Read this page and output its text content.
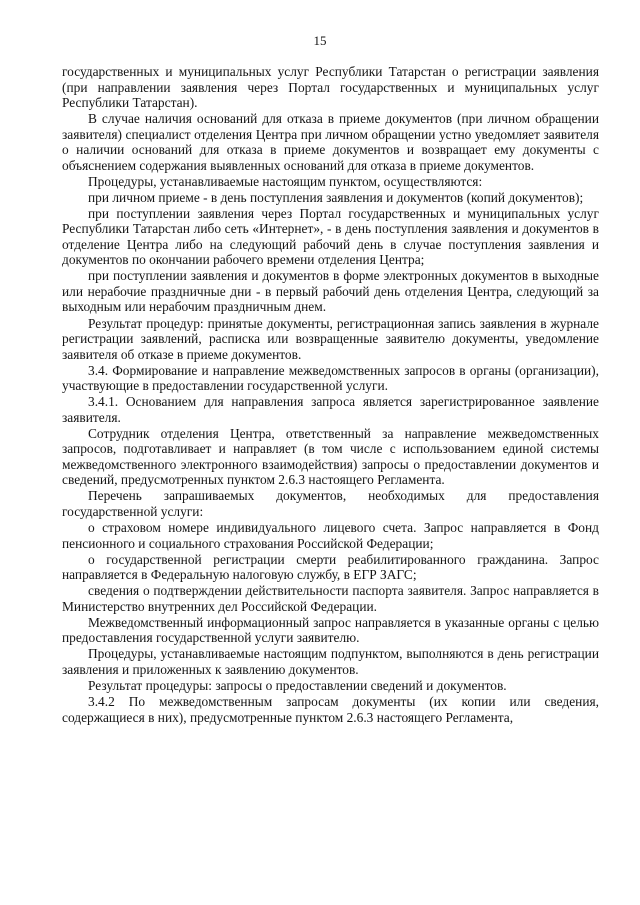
15

государственных и муниципальных услуг Республики Татарстан о регистрации заявления (при направлении заявления через Портал государственных и муниципальных услуг Республики Татарстан).

В случае наличия оснований для отказа в приеме документов (при личном обращении заявителя) специалист отделения Центра при личном обращении устно уведомляет заявителя о наличии оснований для отказа в приеме документов и возвращает ему документы с объяснением содержания выявленных оснований для отказа в приеме документов.

Процедуры, устанавливаемые настоящим пунктом, осуществляются:

при личном приеме - в день поступления заявления и документов (копий документов);

при поступлении заявления через Портал государственных и муниципальных услуг Республики Татарстан либо сеть «Интернет», - в день поступления заявления и документов в отделение Центра либо на следующий рабочий день в случае поступления заявления и документов по окончании рабочего времени отделения Центра;

при поступлении заявления и документов в форме электронных документов в выходные или нерабочие праздничные дни - в первый рабочий день отделения Центра, следующий за выходным или нерабочим праздничным днем.

Результат процедур: принятые документы, регистрационная запись заявления в журнале регистрации заявлений, расписка или возвращенные заявителю документы, уведомление заявителя об отказе в приеме документов.

3.4. Формирование и направление межведомственных запросов в органы (организации), участвующие в предоставлении государственной услуги.

3.4.1. Основанием для направления запроса является зарегистрированное заявление заявителя.

Сотрудник отделения Центра, ответственный за направление межведомственных запросов, подготавливает и направляет (в том числе с использованием единой системы межведомственного электронного взаимодействия) запросы о предоставлении документов и сведений, предусмотренных пунктом 2.6.3 настоящего Регламента.

Перечень запрашиваемых документов, необходимых для предоставления государственной услуги:

о страховом номере индивидуального лицевого счета. Запрос направляется в Фонд пенсионного и социального страхования Российской Федерации;

о государственной регистрации смерти реабилитированного гражданина. Запрос направляется в Федеральную налоговую службу, в ЕГР ЗАГС;

сведения о подтверждении действительности паспорта заявителя. Запрос направляется в Министерство внутренних дел Российской Федерации.

Межведомственный информационный запрос направляется в указанные органы с целью предоставления государственной услуги заявителю.

Процедуры, устанавливаемые настоящим подпунктом, выполняются в день регистрации заявления и приложенных к заявлению документов.

Результат процедуры: запросы о предоставлении сведений и документов.

3.4.2 По межведомственным запросам документы (их копии или сведения, содержащиеся в них), предусмотренные пунктом 2.6.3 настоящего Регламента,
